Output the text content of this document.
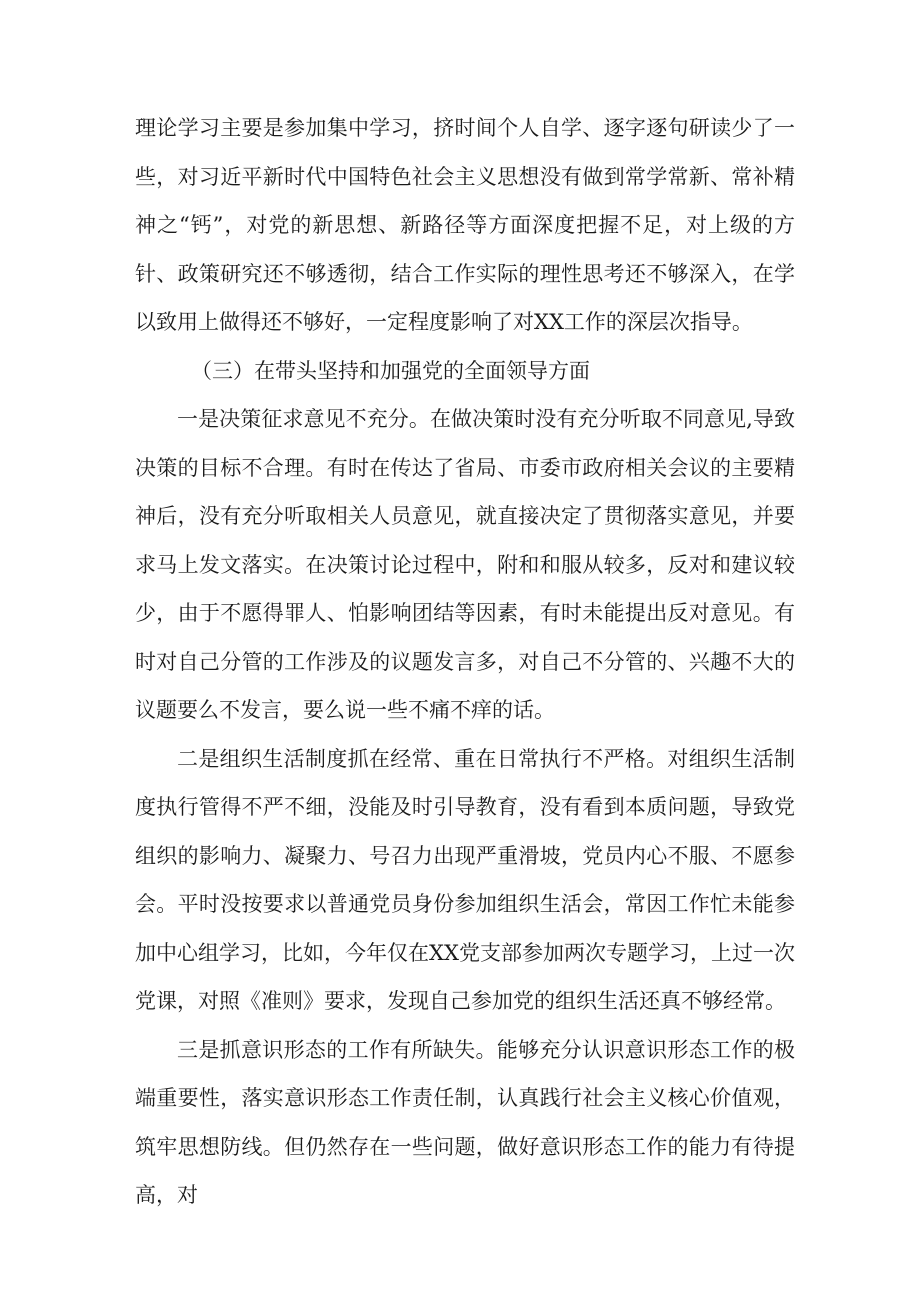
理论学习主要是参加集中学习，挤时间个人自学、逐字逐句研读少了一些，对习近平新时代中国特色社会主义思想没有做到常学常新、常补精神之“钙”，对党的新思想、新路径等方面深度把握不足，对上级的方针、政策研究还不够透彻，结合工作实际的理性思考还不够深入，在学以致用上做得还不够好，一定程度影响了对XX工作的深层次指导。

（三）在带头坚持和加强党的全面领导方面

一是决策征求意见不充分。在做决策时没有充分听取不同意见,导致决策的目标不合理。有时在传达了省局、市委市政府相关会议的主要精神后，没有充分听取相关人员意见，就直接决定了贯彻落实意见，并要求马上发文落实。在决策讨论过程中，附和和服从较多，反对和建议较少，由于不愿得罪人、怕影响团结等因素，有时未能提出反对意见。有时对自己分管的工作涉及的议题发言多，对自己不分管的、兴趣不大的议题要么不发言，要么说一些不痛不痒的话。

二是组织生活制度抓在经常、重在日常执行不严格。对组织生活制度执行管得不严不细，没能及时引导教育，没有看到本质问题，导致党组织的影响力、凝聚力、号召力出现严重滑坡，党员内心不服、不愿参会。平时没按要求以普通党员身份参加组织生活会，常因工作忙未能参加中心组学习，比如，今年仅在XX党支部参加两次专题学习，上过一次党课，对照《准则》要求，发现自己参加党的组织生活还真不够经常。

三是抓意识形态的工作有所缺失。能够充分认识意识形态工作的极端重要性，落实意识形态工作责任制，认真践行社会主义核心价值观，筑牢思想防线。但仍然存在一些问题，做好意识形态工作的能力有待提高，对
